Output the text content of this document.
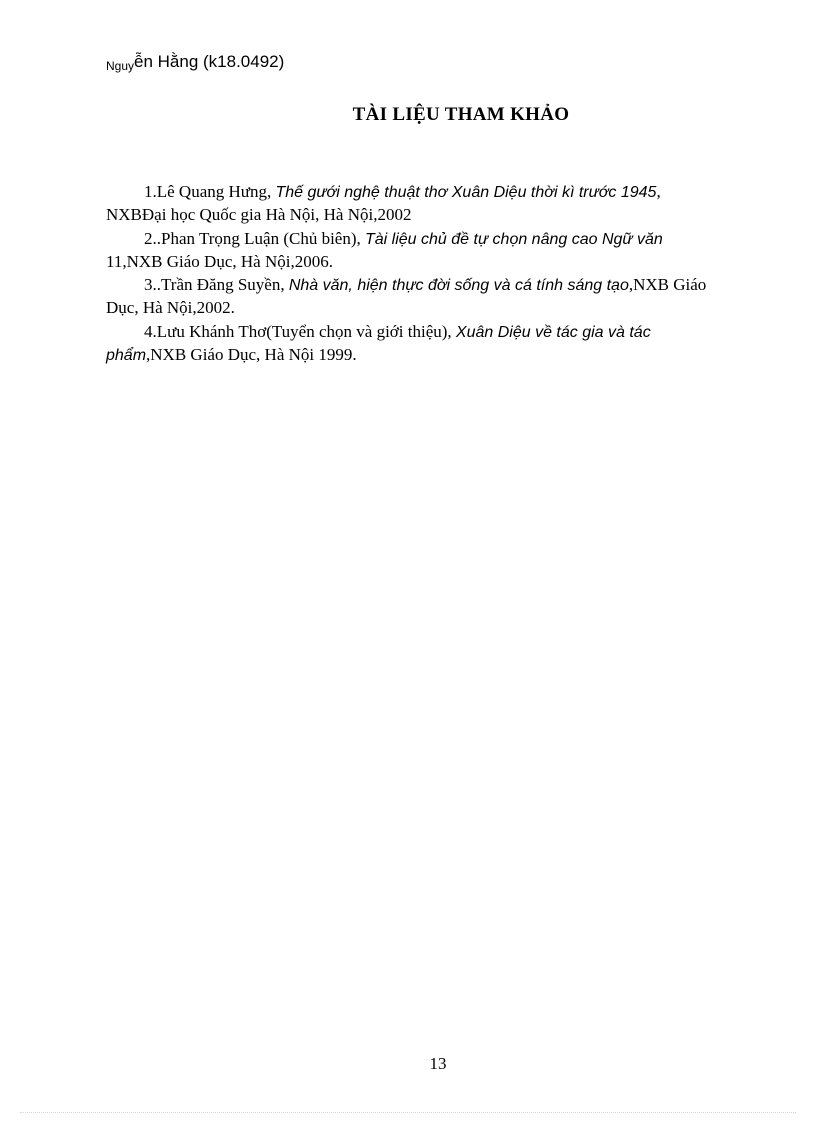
Nguyễn Hằng (k18.0492)
TÀI LIỆU THAM KHẢO
1.Lê Quang Hưng, Thế gưới nghệ thuật thơ Xuân Diệu thời kì trước 1945,
NXBĐại học Quốc gia Hà Nội, Hà Nội,2002
2..Phan Trọng Luận (Chủ biên), Tài liệu chủ đề tự chọn nâng cao Ngữ văn
11,NXB Giáo Dục, Hà Nội,2006.
3..Trần Đăng Suyền, Nhà văn, hiện thực đời sống và cá tính sáng tạo,NXB Giáo
Dục, Hà Nội,2002.
4.Lưu Khánh Thơ(Tuyển chọn và giới thiệu), Xuân Diệu về tác gia và tác
phẩm,NXB Giáo Dục, Hà Nội 1999.
13
